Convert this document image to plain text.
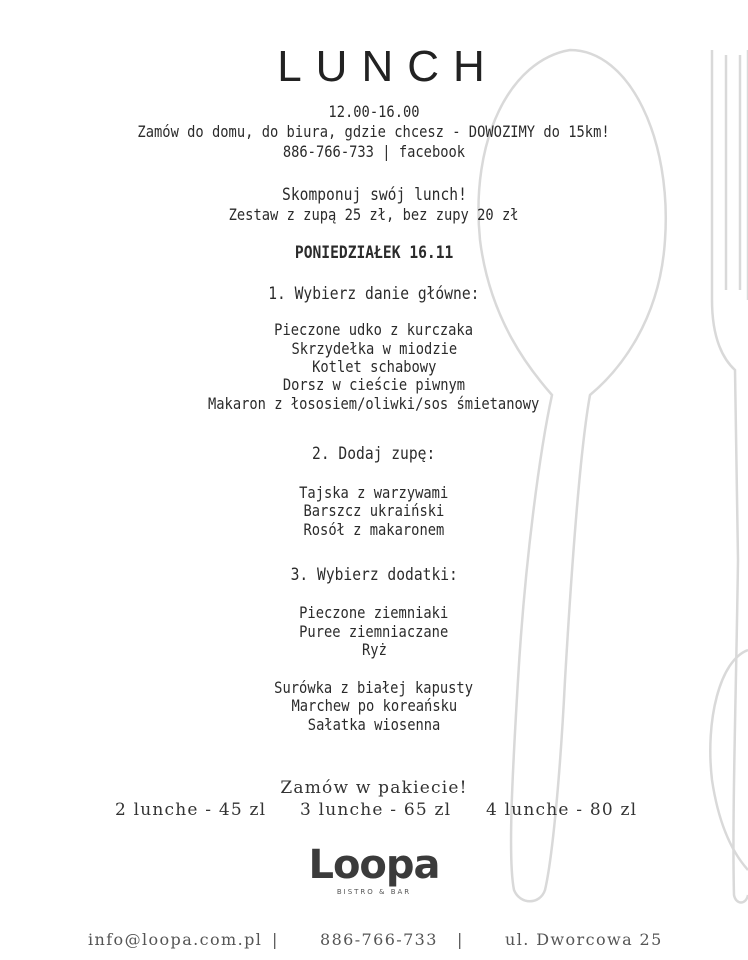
LUNCH
12.00-16.00
Zamów do domu, do biura, gdzie chcesz - DOWOZIMY do 15km!
886-766-733 | facebook
Skomponuj swój lunch!
Zestaw z zupą 25 zł, bez zupy 20 zł
PONIEDZIAŁEK 16.11
1. Wybierz danie główne:
Pieczone udko z kurczaka
Skrzydełka w miodzie
Kotlet schabowy
Dorsz w cieście piwnym
Makaron z łososiem/oliwki/sos śmietanowy
2. Dodaj zupę:
Tajska z warzywami
Barszcz ukraiński
Rosół z makaronem
3. Wybierz dodatki:
Pieczone ziemniaki
Puree ziemniaczane
Ryż
Surówka z białej kapusty
Marchew po koreańsku
Sałatka wiosenna
Zamów w pakiecie!
2 lunche - 45 zl 3 lunche - 65 zl 4 lunche - 80 zl
Loopa
BISTRO & BAR
info@loopa.com.pl |	886-766-733 |	ul. Dworcowa 25
